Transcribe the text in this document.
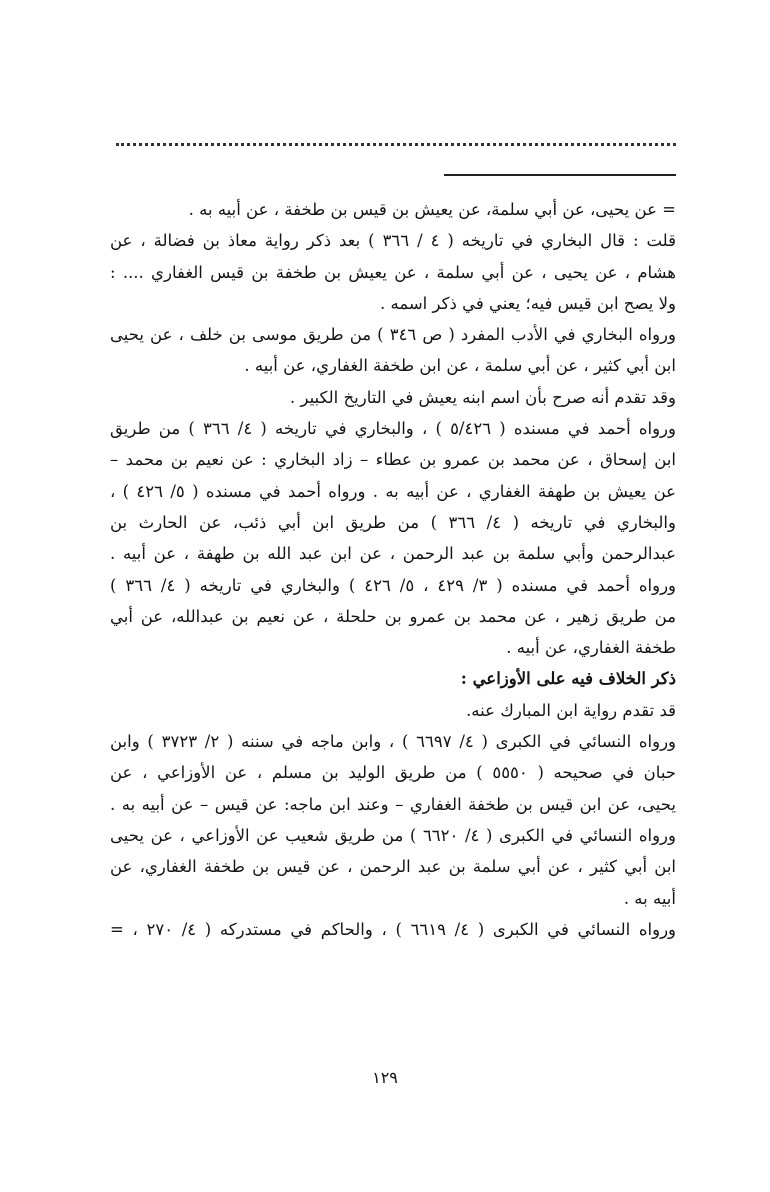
= عن يحيى، عن أبي سلمة، عن يعيش بن قيس بن طخفة ، عن أبيه به .
قلت : قال البخاري في تاريخه ( ٤ / ٣٦٦ ) بعد ذكر رواية معاذ بن فضالة ، عن
هشام ، عن يحيى ، عن أبي سلمة ، عن يعيش بن طخفة بن قيس الغفاري .... :
ولا يصح ابن قيس فيه؛ يعني في ذكر اسمه .
ورواه البخاري في الأدب المفرد ( ص ٣٤٦ ) من طريق موسى بن خلف ، عن يحيى
ابن أبي كثير ، عن أبي سلمة ، عن ابن طخفة الغفاري، عن أبيه .
وقد تقدم أنه صرح بأن اسم ابنه يعيش في التاريخ الكبير .
ورواه أحمد في مسنده ( ٥/٤٢٦ ) ، والبخاري في تاريخه ( ٤/ ٣٦٦ ) من طريق
ابن إسحاق ، عن محمد بن عمرو بن عطاء – زاد البخاري : عن نعيم بن محمد –
عن يعيش بن طهفة الغفاري ، عن أبيه به . ورواه أحمد في مسنده ( ٥/ ٤٢٦ ) ،
والبخاري في تاريخه ( ٤/ ٣٦٦ ) من طريق ابن أبي ذئب، عن الحارث بن
عبدالرحمن وأبي سلمة بن عبد الرحمن ، عن ابن عبد الله بن طهفة ، عن أبيه .
ورواه أحمد في مسنده ( ٣/ ٤٢٩ ، ٥/ ٤٢٦ ) والبخاري في تاريخه ( ٤/ ٣٦٦ )
من طريق زهير ، عن محمد بن عمرو بن حلحلة ، عن نعيم بن عبدالله، عن أبي
طخفة الغفاري، عن أبيه .
ذكر الخلاف فيه على الأوزاعي :
قد تقدم رواية ابن المبارك عنه.
ورواه النسائي في الكبرى ( ٤/ ٦٦٩٧ ) ، وابن ماجه في سننه ( ٢/ ٣٧٢٣ ) وابن
حبان في صحيحه ( ٥٥٥٠ ) من طريق الوليد بن مسلم ، عن الأوزاعي ، عن
يحيى، عن ابن قيس بن طخفة الغفاري – وعند ابن ماجه: عن قيس – عن أبيه به .
ورواه النسائي في الكبرى ( ٤/ ٦٦٢٠ ) من طريق شعيب عن الأوزاعي ، عن يحيى
ابن أبي كثير ، عن أبي سلمة بن عبد الرحمن ، عن قيس بن طخفة الغفاري، عن
أبيه به .
ورواه النسائي في الكبرى ( ٤/ ٦٦١٩ ) ، والحاكم في مستدركه ( ٤/ ٢٧٠ ، =
١٢٩
